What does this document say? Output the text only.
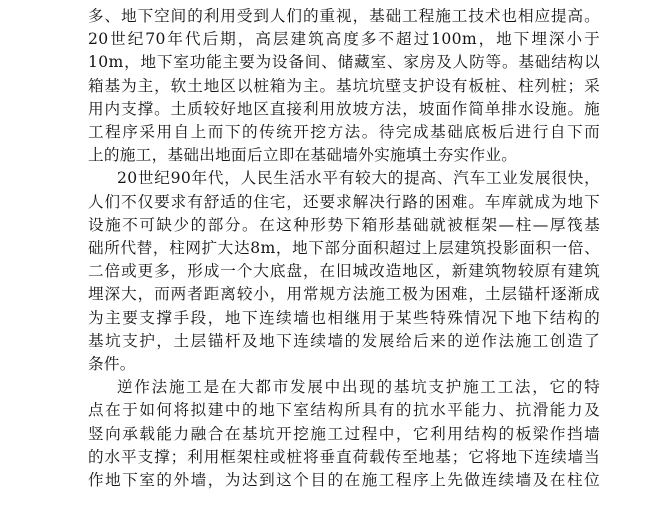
多、地下空间的利用受到人们的重视，基础工程施工技术也相应提高。
20世纪70年代后期，高层建筑高度多不超过100m，地下埋深小于
10m，地下室功能主要为设备间、储藏室、家房及人防等。基础结构以
箱基为主，软土地区以桩箱为主。基坑坑壁支护设有板桩、柱列桩；采
用内支撑。土质较好地区直接利用放坡方法，坡面作简单排水设施。施
工程序采用自上而下的传统开挖方法。待完成基础底板后进行自下而
上的施工，基础出地面后立即在基础墙外实施填土夯实作业。
20世纪90年代，人民生活水平有较大的提高、汽车工业发展很快，
人们不仅要求有舒适的住宅，还要求解决行路的困难。车库就成为地下
设施不可缺少的部分。在这种形势下箱形基础就被框架—柱—厚筏基
础所代替，柱网扩大达8m，地下部分面积超过上层建筑投影面积一倍、
二倍或更多，形成一个大底盘，在旧城改造地区，新建筑物较原有建筑
埋深大，而两者距离较小，用常规方法施工极为困难，土层锚杆逐渐成
为主要支撑手段，地下连续墙也相继用于某些特殊情况下地下结构的
基坑支护，土层锚杆及地下连续墙的发展给后来的逆作法施工创造了
条件。
逆作法施工是在大都市发展中出现的基坑支护施工工法，它的特
点在于如何将拟建中的地下室结构所具有的抗水平能力、抗滑能力及
竖向承载能力融合在基坑开挖施工过程中，它利用结构的板梁作挡墙
的水平支撑；利用框架柱或桩将垂直荷载传至地基；它将地下连续墙当
作地下室的外墙，为达到这个目的在施工程序上先做连续墙及在柱位
